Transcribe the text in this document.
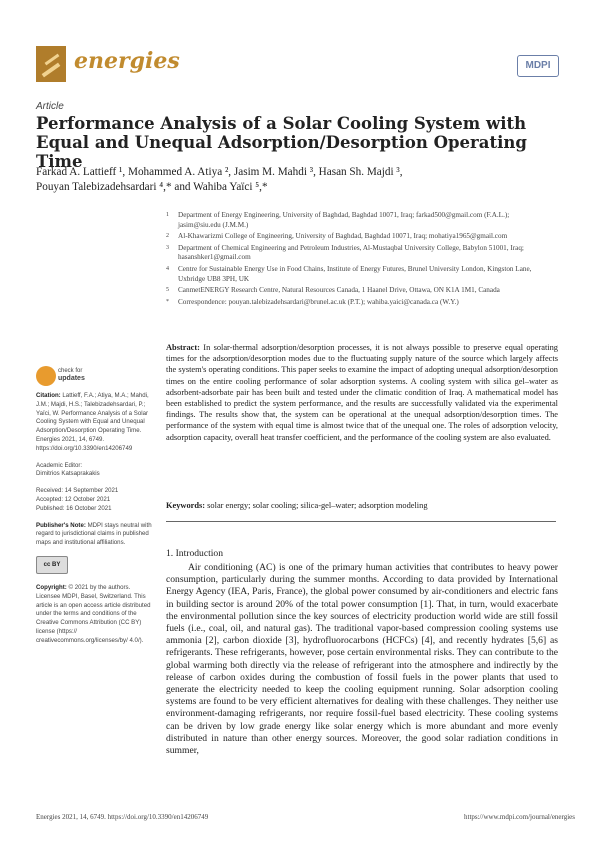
energies	MDPI
Article
Performance Analysis of a Solar Cooling System with Equal and Unequal Adsorption/Desorption Operating Time
Farkad A. Lattieff ¹, Mohammed A. Atiya ², Jasim M. Mahdi ³, Hasan Sh. Majdi ³,
Pouyan Talebizadehsardari ⁴,* and Wahiba Yaïci ⁵,*
1	Department of Energy Engineering, University of Baghdad, Baghdad 10071, Iraq; farkad500@gmail.com (F.A.L.); jasim@siu.edu (J.M.M.)
2	Al-Khawarizmi College of Engineering, University of Baghdad, Baghdad 10071, Iraq; mohatiya1965@gmail.com
3	Department of Chemical Engineering and Petroleum Industries, Al-Mustaqbal University College, Babylon 51001, Iraq; hasanshker1@gmail.com
4	Centre for Sustainable Energy Use in Food Chains, Institute of Energy Futures, Brunel University London, Kingston Lane, Uxbridge UB8 3PH, UK
5	CanmetENERGY Research Centre, Natural Resources Canada, 1 Haanel Drive, Ottawa, ON K1A 1M1, Canada
*	Correspondence: pouyan.talebizadehsardari@brunel.ac.uk (P.T.); wahiba.yaici@canada.ca (W.Y.)
Abstract: In solar-thermal adsorption/desorption processes, it is not always possible to preserve equal operating times for the adsorption/desorption modes due to the fluctuating supply nature of the source which largely affects the system's operating conditions. This paper seeks to examine the impact of adopting unequal adsorption/desorption times on the entire cooling performance of solar adsorption systems. A cooling system with silica gel–water as adsorbent-adsorbate pair has been built and tested under the climatic condition of Iraq. A mathematical model has been established to predict the system performance, and the results are successfully validated via the experimental findings. The results show that, the system can be operational at the unequal adsorption/desorption times. The performance of the system with equal time is almost twice that of the unequal one. The roles of adsorption velocity, adsorption capacity, overall heat transfer coefficient, and the performance of the cooling system are also evaluated.
Keywords: solar energy; solar cooling; silica-gel–water; adsorption modeling
check for
updates
Citation: Lattieff, F.A.; Atiya, M.A.; Mahdi, J.M.; Majdi, H.S.; Talebizadehsardari, P.; Yaïci, W. Performance Analysis of a Solar Cooling System with Equal and Unequal Adsorption/Desorption Operating Time. Energies 2021, 14, 6749. https://doi.org/10.3390/en14206749
Academic Editor:
Dimitrios Katsaprakakis
Received: 14 September 2021
Accepted: 12 October 2021
Published: 16 October 2021
Publisher's Note: MDPI stays neutral with regard to jurisdictional claims in published maps and institutional affiliations.
cc BY
Copyright: © 2021 by the authors. Licensee MDPI, Basel, Switzerland. This article is an open access article distributed under the terms and conditions of the Creative Commons Attribution (CC BY) license (https:// creativecommons.org/licenses/by/ 4.0/).
1. Introduction
Air conditioning (AC) is one of the primary human activities that contributes to heavy power consumption, particularly during the summer months. According to data provided by International Energy Agency (IEA, Paris, France), the global power consumed by air-conditioners and electric fans in building sector is around 20% of the total power consumption [1]. That, in turn, would exacerbate the environmental pollution since the key sources of electricity production world wide are still fossil fuels (i.e., coal, oil, and natural gas). The traditional vapor-based compression cooling systems use ammonia [2], carbon dioxide [3], hydrofluorocarbons (HCFCs) [4], and recently hydrates [5,6] as refrigerants. These refrigerants, however, pose certain environmental risks. They can contribute to the global warming both directly via the release of refrigerant into the atmosphere and indirectly by the release of carbon oxides during the combustion of fossil fuels in the power plants that used to generate the electricity needed to keep the cooling equipment running. Solar adsorption cooling systems are found to be very efficient alternatives for dealing with these challenges. They neither use environment-damaging refrigerants, nor require fossil-fuel based electricity. These cooling systems can be driven by low grade energy like solar energy which is more abundant and more evenly distributed in nature than other energy sources. Moreover, the good solar radiation conditions in summer,
Energies 2021, 14, 6749. https://doi.org/10.3390/en14206749	https://www.mdpi.com/journal/energies
